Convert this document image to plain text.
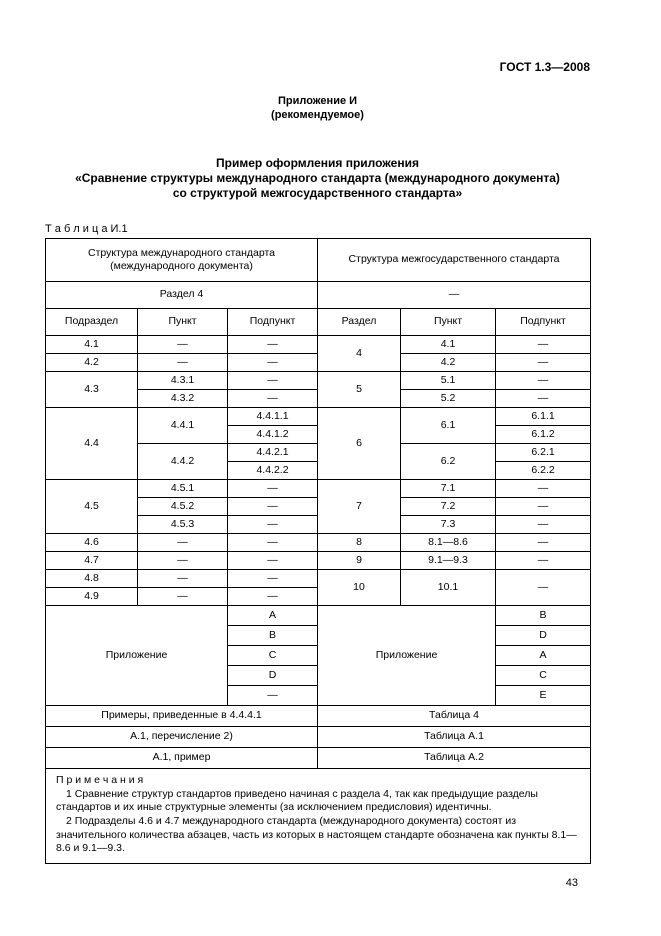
ГОСТ 1.3—2008
Приложение И
(рекомендуемое)
Пример оформления приложения
«Сравнение структуры международного стандарта (международного документа)
со структурой межгосударственного стандарта»
Т а б л и ц а И.1
Структура международного стандарта (международного документа)			Структура межгосударственного стандарта		
Раздел 4			—		
Подраздел	Пункт	Подпункт	Раздел	Пункт	Подпункт
4.1	—	—	4	4.1	—
4.2	—	—		4.2	—
4.3	4.3.1	—	5	5.1	—
	4.3.2	—		5.2	—
4.4	4.4.1	4.4.1.1	6	6.1	6.1.1
		4.4.1.2			6.1.2
	4.4.2	4.4.2.1		6.2	6.2.1
		4.4.2.2			6.2.2
4.5	4.5.1	—	7	7.1	—
	4.5.2	—		7.2	—
	4.5.3	—		7.3	—
4.6	—	—	8	8.1—8.6	—
4.7	—	—	9	9.1—9.3	—
4.8	—	—	10	10.1	—
4.9	—	—			
Приложение		A	Приложение		B
		B			D
		C			A
		D			C
		—			E
Примеры, приведенные в 4.4.4.1			Таблица 4		
А.1, перечисление 2)			Таблица А.1		
А.1, пример			Таблица А.2		

П р и м е ч а н и я
1 Сравнение структур стандартов приведено начиная с раздела 4, так как предыдущие разделы стандартов и их иные структурные элементы (за исключением предисловия) идентичны.
2 Подразделы 4.6 и 4.7 международного стандарта (международного документа) состоят из значительного количества абзацев, часть из которых в настоящем стандарте обозначена как пункты 8.1—8.6 и 9.1—9.3.					
43
